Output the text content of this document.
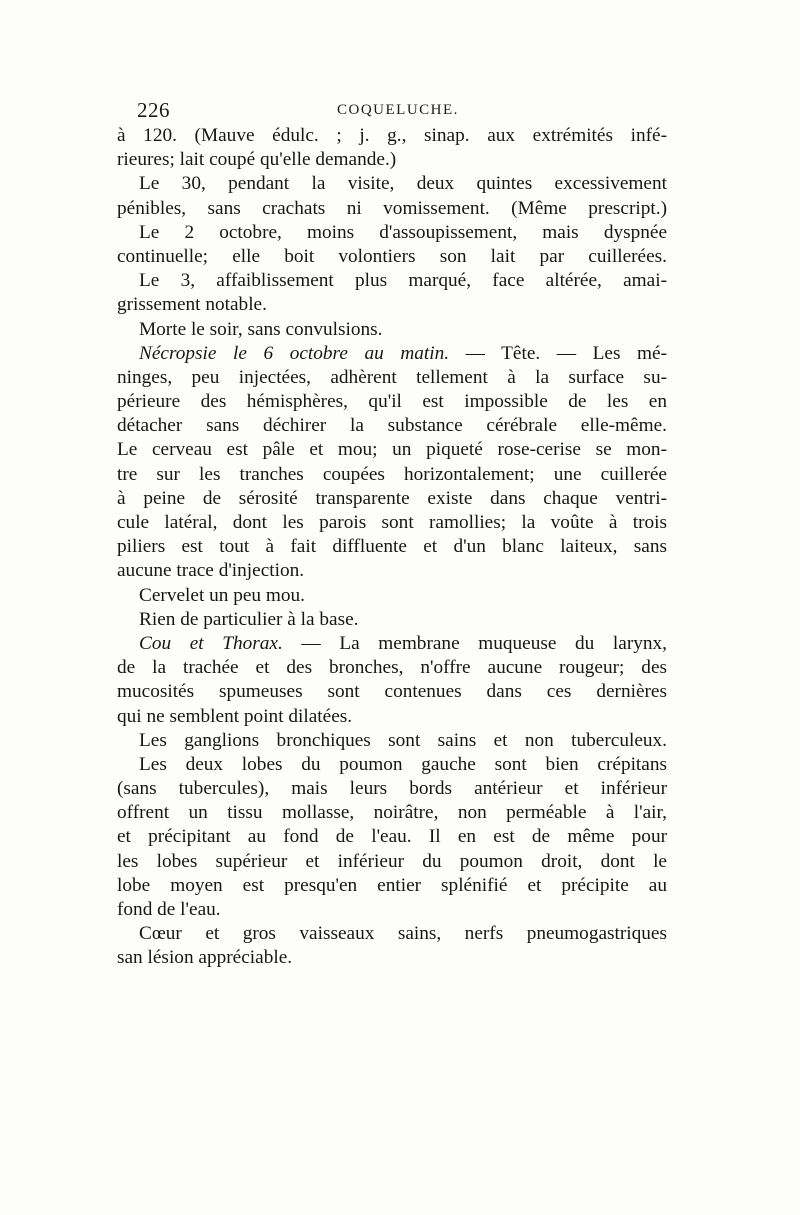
226	COQUELUCHE.
à 120. (Mauve édulc. ; j. g., sinap. aux extrémités infé-
rieures; lait coupé qu'elle demande.)
Le 30, pendant la visite, deux quintes excessivement
pénibles, sans crachats ni vomissement. (Même prescript.)
Le 2 octobre, moins d'assoupissement, mais dyspnée
continuelle; elle boit volontiers son lait par cuillerées.
Le 3, affaiblissement plus marqué, face altérée, amai-
grissement notable.
Morte le soir, sans convulsions.
Nécropsie le 6 octobre au matin. — Tête. — Les mé-
ninges, peu injectées, adhèrent tellement à la surface su-
périeure des hémisphères, qu'il est impossible de les en
détacher sans déchirer la substance cérébrale elle-même.
Le cerveau est pâle et mou; un piqueté rose-cerise se mon-
tre sur les tranches coupées horizontalement; une cuillerée
à peine de sérosité transparente existe dans chaque ventri-
cule latéral, dont les parois sont ramollies; la voûte à trois
piliers est tout à fait diffluente et d'un blanc laiteux, sans
aucune trace d'injection.
Cervelet un peu mou.
Rien de particulier à la base.
Cou et Thorax. — La membrane muqueuse du larynx,
de la trachée et des bronches, n'offre aucune rougeur; des
mucosités spumeuses sont contenues dans ces dernières
qui ne semblent point dilatées.
Les ganglions bronchiques sont sains et non tuberculeux.
Les deux lobes du poumon gauche sont bien crépitans
(sans tubercules), mais leurs bords antérieur et inférieur
offrent un tissu mollasse, noirâtre, non perméable à l'air,
et précipitant au fond de l'eau. Il en est de même pour
les lobes supérieur et inférieur du poumon droit, dont le
lobe moyen est presqu'en entier splénifié et précipite au
fond de l'eau.
Cœur et gros vaisseaux sains, nerfs pneumogastriques
san lésion appréciable.
